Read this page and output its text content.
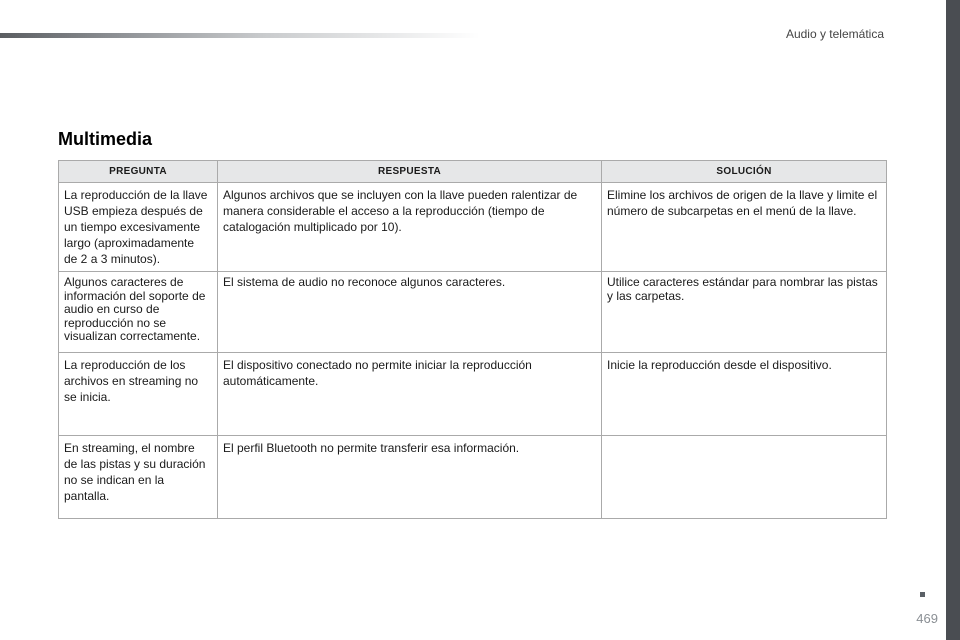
Audio y telemática
Multimedia
PREGUNTA	RESPUESTA	SOLUCIÓN
La reproducción de la llave USB empieza después de un tiempo excesivamente largo (aproximadamente de 2 a 3 minutos).	Algunos archivos que se incluyen con la llave pueden ralentizar de manera considerable el acceso a la reproducción (tiempo de catalogación multiplicado por 10).	Elimine los archivos de origen de la llave y limite el número de subcarpetas en el menú de la llave.
Algunos caracteres de información del soporte de audio en curso de reproducción no se visualizan correctamente.	El sistema de audio no reconoce algunos caracteres.	Utilice caracteres estándar para nombrar las pistas y las carpetas.
La reproducción de los archivos en streaming no se inicia.	El dispositivo conectado no permite iniciar la reproducción automáticamente.	Inicie la reproducción desde el dispositivo.
En streaming, el nombre de las pistas y su duración no se indican en la pantalla.	El perfil Bluetooth no permite transferir esa información.	
469
